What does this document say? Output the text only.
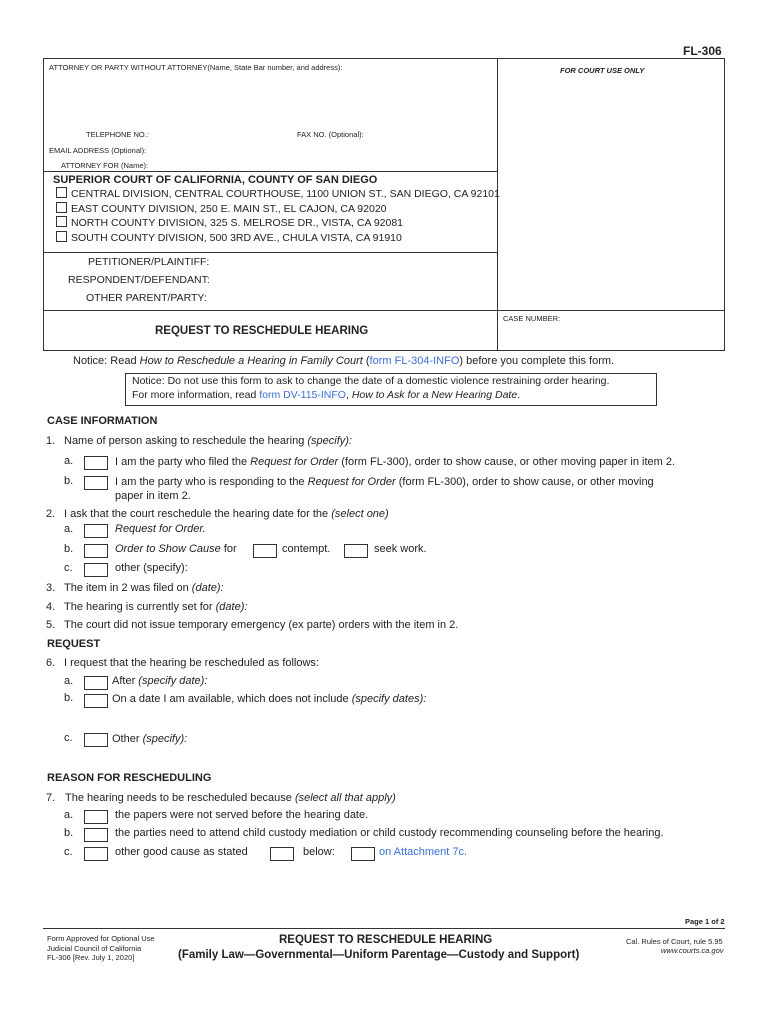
FL-306
ATTORNEY OR PARTY WITHOUT ATTORNEY(Name, State Bar number, and address):	FOR COURT USE ONLY
TELEPHONE NO.:	FAX NO. (Optional):
EMAIL ADDRESS (Optional):
ATTORNEY FOR (Name):
SUPERIOR COURT OF CALIFORNIA, COUNTY OF SAN DIEGO
CENTRAL DIVISION, CENTRAL COURTHOUSE, 1100 UNION ST., SAN DIEGO, CA 92101
EAST COUNTY DIVISION, 250 E. MAIN ST., EL CAJON, CA 92020
NORTH COUNTY DIVISION, 325 S. MELROSE DR., VISTA, CA 92081
SOUTH COUNTY DIVISION, 500 3RD AVE., CHULA VISTA, CA 91910
PETITIONER/PLAINTIFF:
RESPONDENT/DEFENDANT:
OTHER PARENT/PARTY:
REQUEST TO RESCHEDULE HEARING
CASE NUMBER:
Notice: Read How to Reschedule a Hearing in Family Court (form FL-304-INFO) before you complete this form.
Notice: Do not use this form to ask to change the date of a domestic violence restraining order hearing.
For more information, read form DV-115-INFO, How to Ask for a New Hearing Date.
CASE INFORMATION
1. Name of person asking to reschedule the hearing (specify):
a.	I am the party who filed the Request for Order (form FL-300), order to show cause, or other moving paper in item 2.
b.	I am the party who is responding to the Request for Order (form FL-300), order to show cause, or other moving
paper in item 2.
2. I ask that the court reschedule the hearing date for the (select one)
a.	Request for Order.
b.	Order to Show Cause for	contempt.	seek work.
c.	other (specify):
3. The item in 2 was filed on (date):
4. The hearing is currently set for (date):
5. The court did not issue temporary emergency (ex parte) orders with the item in 2.
REQUEST
6. I request that the hearing be rescheduled as follows:
a.	After (specify date):
b.	On a date I am available, which does not include (specify dates):
c.	Other (specify):
REASON FOR RESCHEDULING
7. The hearing needs to be rescheduled because (select all that apply)
a.	the papers were not served before the hearing date.
b.	the parties need to attend child custody mediation or child custody recommending counseling before the hearing.
c.	other good cause as stated	below:	on Attachment 7c.
Page 1 of 2
Form Approved for Optional Use
Judicial Council of California
FL-306 [Rev. July 1, 2020]
REQUEST TO RESCHEDULE HEARING
(Family Law—Governmental—Uniform Parentage—Custody and Support)
Cal. Rules of Court, rule 5.95
www.courts.ca.gov
